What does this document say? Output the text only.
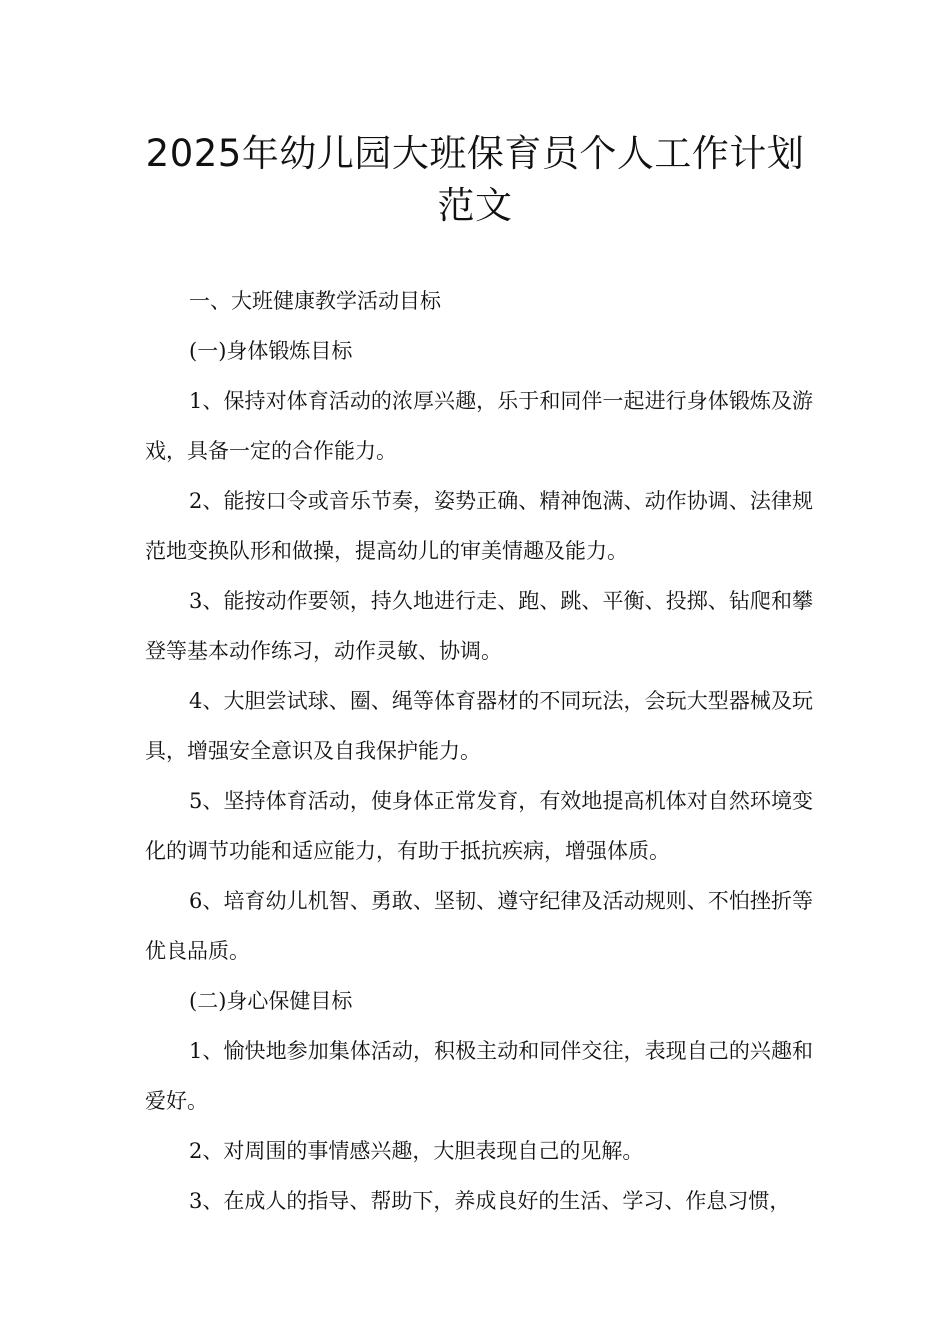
2025年幼儿园大班保育员个人工作计划

范文

一、大班健康教学活动目标

(一)身体锻炼目标

1、保持对体育活动的浓厚兴趣，乐于和同伴一起进行身体锻炼及游戏，具备一定的合作能力。

2、能按口令或音乐节奏，姿势正确、精神饱满、动作协调、法律规范地变换队形和做操，提高幼儿的审美情趣及能力。

3、能按动作要领，持久地进行走、跑、跳、平衡、投掷、钻爬和攀登等基本动作练习，动作灵敏、协调。

4、大胆尝试球、圈、绳等体育器材的不同玩法，会玩大型器械及玩具，增强安全意识及自我保护能力。

5、坚持体育活动，使身体正常发育，有效地提高机体对自然环境变化的调节功能和适应能力，有助于抵抗疾病，增强体质。

6、培育幼儿机智、勇敢、坚韧、遵守纪律及活动规则、不怕挫折等优良品质。

(二)身心保健目标

1、愉快地参加集体活动，积极主动和同伴交往，表现自己的兴趣和爱好。

2、对周围的事情感兴趣，大胆表现自己的见解。

3、在成人的指导、帮助下，养成良好的生活、学习、作息习惯，
